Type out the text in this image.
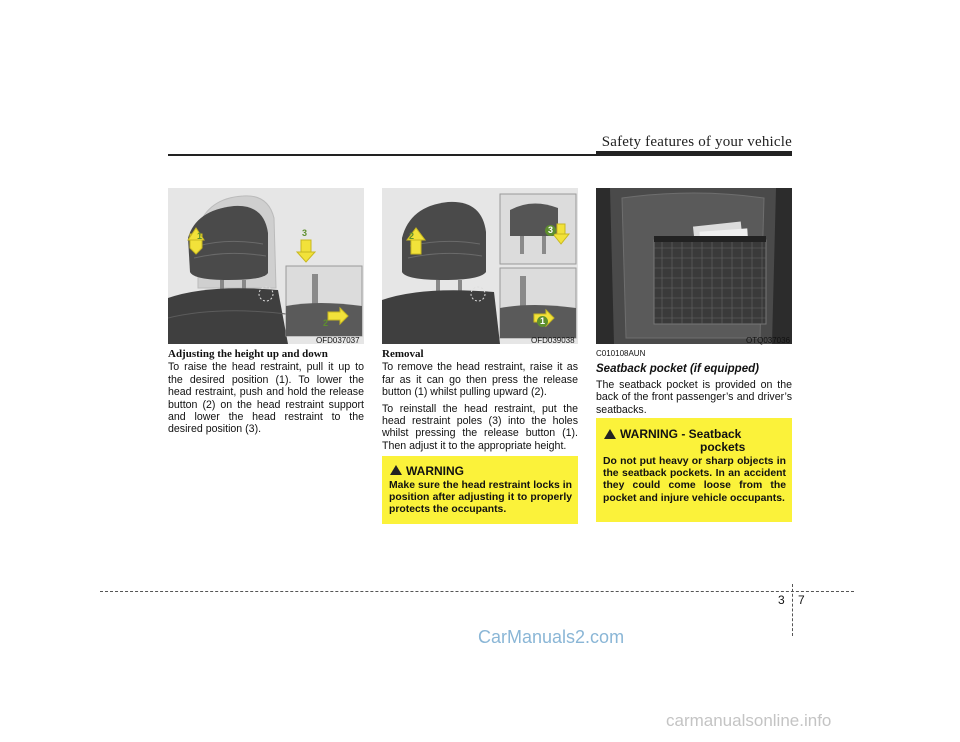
Safety features of your vehicle
1
2
3
OFD037037
Adjusting the height up and down
To raise the head restraint, pull it up to the desired position (1). To lower the head restraint, push and hold the release button (2) on the head restraint support and lower the head restraint to the desired position (3).
1
2
3
OFD039038
Removal
To remove the head restraint, raise it as far as it can go then press the release button (1) whilst pulling upward (2).
To reinstall the head restraint, put the head restraint poles (3) into the holes whilst pressing the release button (1). Then adjust it to the appropriate height.
WARNING
Make sure the head restraint locks in position after adjusting it to properly protects the occupants.
OTQ037036
C010108AUN
Seatback pocket (if equipped)
The seatback pocket is provided on the back of the front passenger’s and driver’s seatbacks.
WARNING - Seatback
pockets
Do not put heavy or sharp objects in the seatback pockets. In an accident they could come loose from the pocket and injure vehicle occupants.
3 7
CarManuals2.com
carmanualsonline.info
